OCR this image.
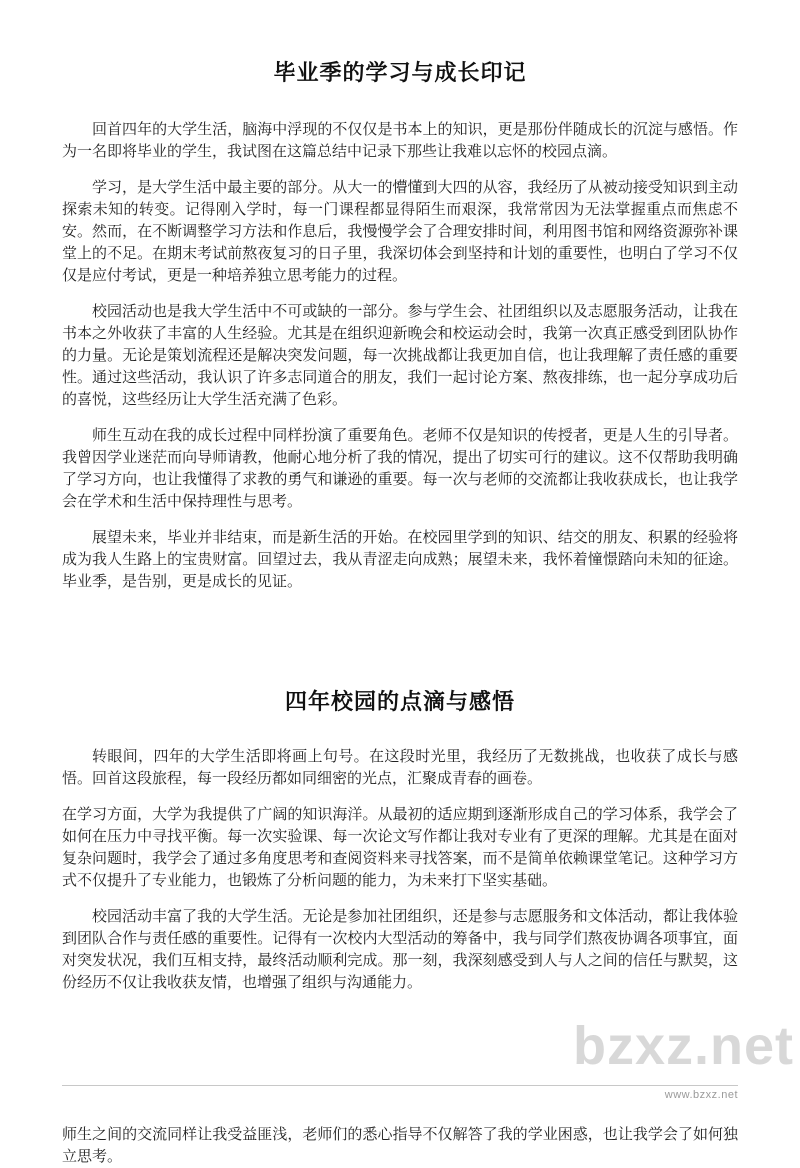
毕业季的学习与成长印记

回首四年的大学生活，脑海中浮现的不仅仅是书本上的知识，更是那份伴随成长的沉淀与感悟。作为一名即将毕业的学生，我试图在这篇总结中记录下那些让我难以忘怀的校园点滴。

学习，是大学生活中最主要的部分。从大一的懵懂到大四的从容，我经历了从被动接受知识到主动探索未知的转变。记得刚入学时，每一门课程都显得陌生而艰深，我常常因为无法掌握重点而焦虑不安。然而，在不断调整学习方法和作息后，我慢慢学会了合理安排时间，利用图书馆和网络资源弥补课堂上的不足。在期末考试前熬夜复习的日子里，我深切体会到坚持和计划的重要性，也明白了学习不仅仅是应付考试，更是一种培养独立思考能力的过程。

校园活动也是我大学生活中不可或缺的一部分。参与学生会、社团组织以及志愿服务活动，让我在书本之外收获了丰富的人生经验。尤其是在组织迎新晚会和校运动会时，我第一次真正感受到团队协作的力量。无论是策划流程还是解决突发问题，每一次挑战都让我更加自信，也让我理解了责任感的重要性。通过这些活动，我认识了许多志同道合的朋友，我们一起讨论方案、熬夜排练，也一起分享成功后的喜悦，这些经历让大学生活充满了色彩。

师生互动在我的成长过程中同样扮演了重要角色。老师不仅是知识的传授者，更是人生的引导者。我曾因学业迷茫而向导师请教，他耐心地分析了我的情况，提出了切实可行的建议。这不仅帮助我明确了学习方向，也让我懂得了求教的勇气和谦逊的重要。每一次与老师的交流都让我收获成长，也让我学会在学术和生活中保持理性与思考。

展望未来，毕业并非结束，而是新生活的开始。在校园里学到的知识、结交的朋友、积累的经验将成为我人生路上的宝贵财富。回望过去，我从青涩走向成熟；展望未来，我怀着憧憬踏向未知的征途。毕业季，是告别，更是成长的见证。

四年校园的点滴与感悟

转眼间，四年的大学生活即将画上句号。在这段时光里，我经历了无数挑战，也收获了成长与感悟。回首这段旅程，每一段经历都如同细密的光点，汇聚成青春的画卷。

在学习方面，大学为我提供了广阔的知识海洋。从最初的适应期到逐渐形成自己的学习体系，我学会了如何在压力中寻找平衡。每一次实验课、每一次论文写作都让我对专业有了更深的理解。尤其是在面对复杂问题时，我学会了通过多角度思考和查阅资料来寻找答案，而不是简单依赖课堂笔记。这种学习方式不仅提升了专业能力，也锻炼了分析问题的能力，为未来打下坚实基础。

校园活动丰富了我的大学生活。无论是参加社团组织，还是参与志愿服务和文体活动，都让我体验到团队合作与责任感的重要性。记得有一次校内大型活动的筹备中，我与同学们熬夜协调各项事宜，面对突发状况，我们互相支持，最终活动顺利完成。那一刻，我深刻感受到人与人之间的信任与默契，这份经历不仅让我收获友情，也增强了组织与沟通能力。

bzxz.net
www.bzxz.net
师生之间的交流同样让我受益匪浅，老师们的悉心指导不仅解答了我的学业困惑，也让我学会了如何独立思考。
